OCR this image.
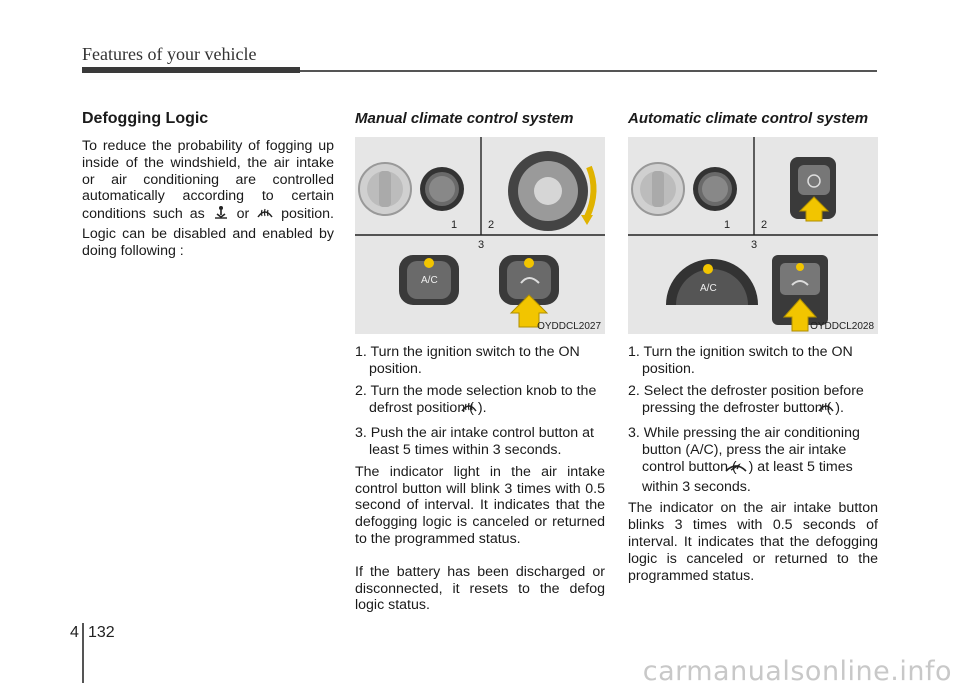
Features of your vehicle
Defogging Logic

To reduce the probability of fogging up inside of the windshield, the air intake or air conditioning are controlled automatically according to certain conditions such as or position. Logic can be disabled and enabled by doing following :

Manual climate control system
1	2
3
A/C
OYDDCL2027
1. Turn the ignition switch to the ON position.
2. Turn the mode selection knob to the defrost position ( ).
3. Push the air intake control button at least 5 times within 3 seconds.

The indicator light in the air intake control button will blink 3 times with 0.5 second of interval. It indicates that the defogging logic is canceled or returned to the programmed status.

If the battery has been discharged or disconnected, it resets to the defog logic status.

Automatic climate control system
1	2
3
A/C
OYDDCL2028
1. Turn the ignition switch to the ON position.
2. Select the defroster position before pressing the defroster button ( ).
3. While pressing the air conditioning button (A/C), press the air intake control button ( ) at least 5 times within 3 seconds.

The indicator on the air intake button blinks 3 times with 0.5 seconds of interval. It indicates that the defogging logic is canceled or returned to the programmed status.

4 132
carmanualsonline.info
